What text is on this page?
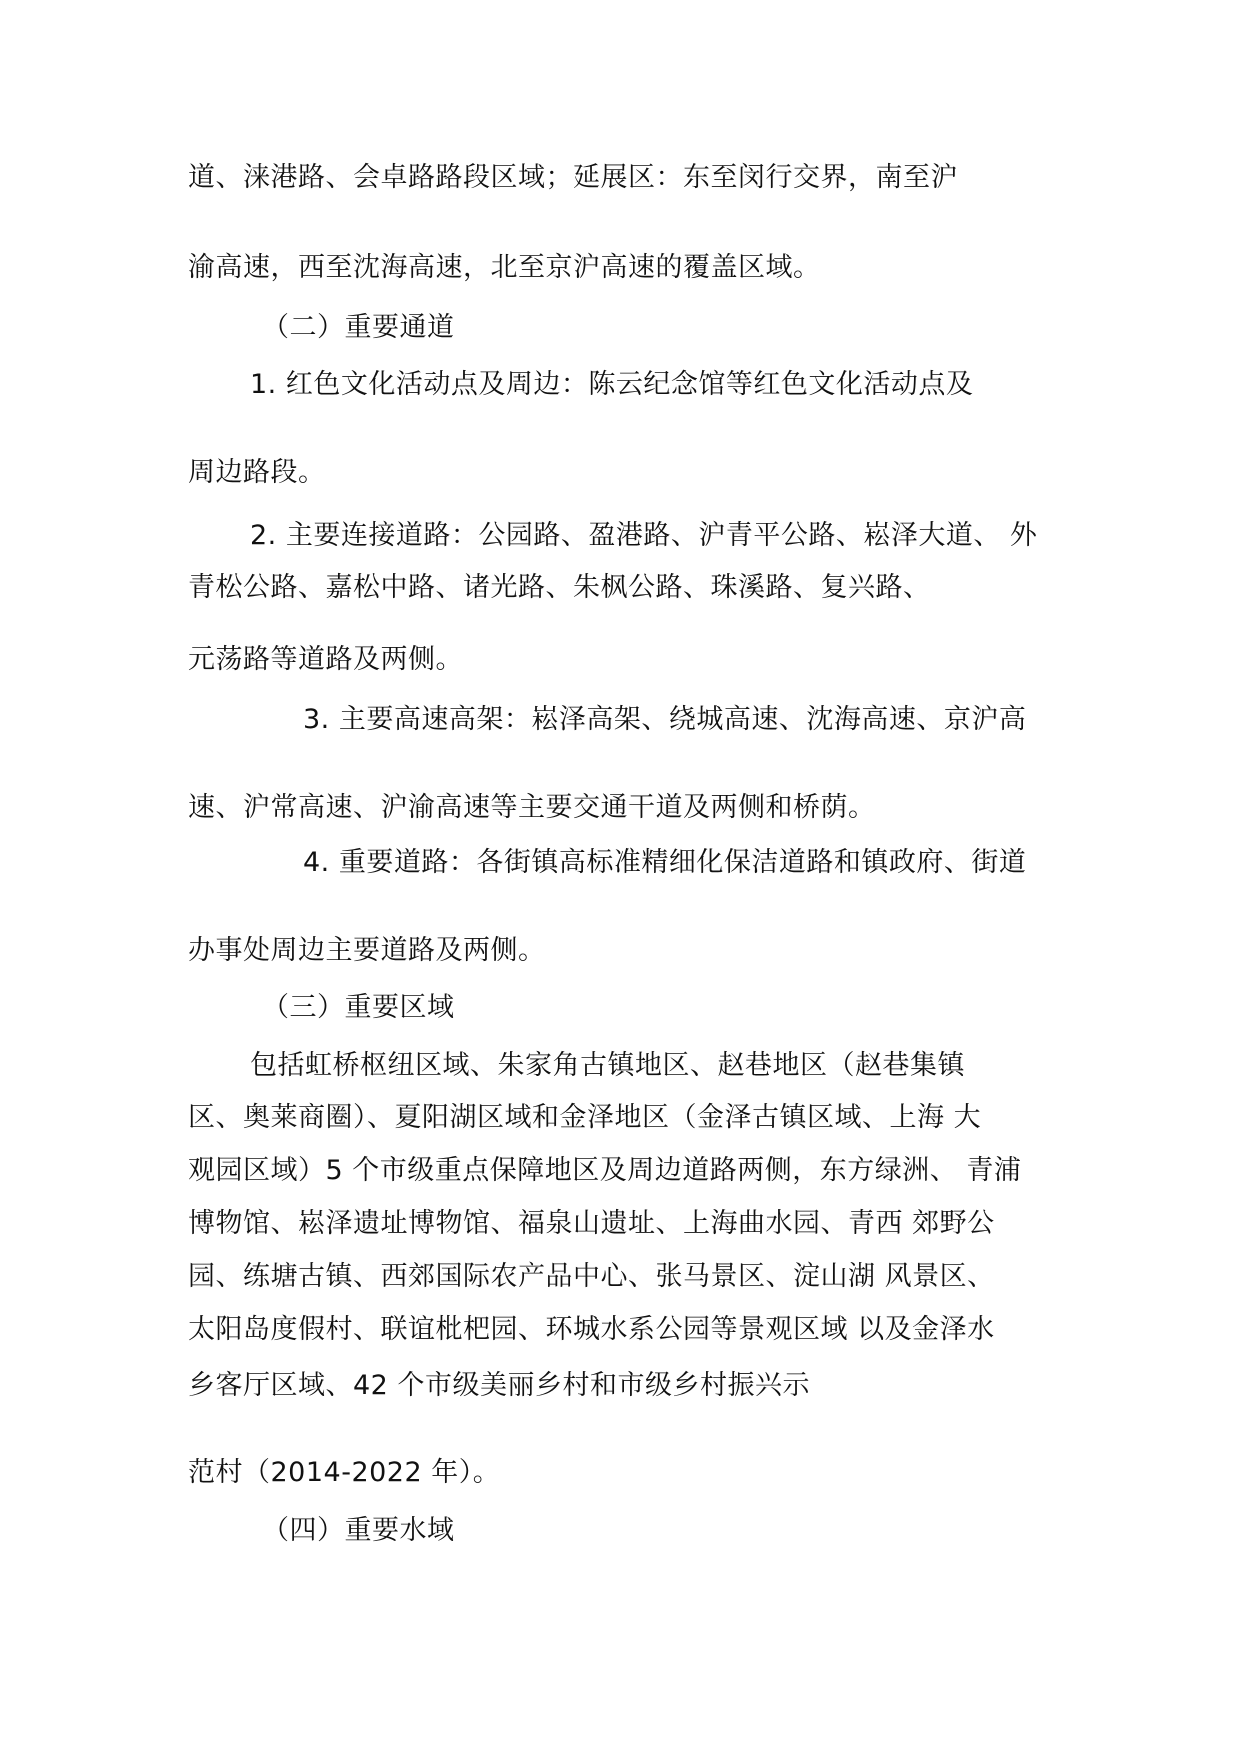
道、涞港路、会卓路路段区域；延展区：东至闵行交界，南至沪
渝高速，西至沈海高速，北至京沪高速的覆盖区域。
（二）重要通道
1. 红色文化活动点及周边：陈云纪念馆等红色文化活动点及
周边路段。
2. 主要连接道路：公园路、盈港路、沪青平公路、崧泽大道、 外
青松公路、嘉松中路、诸光路、朱枫公路、珠溪路、复兴路、
元荡路等道路及两侧。
3. 主要高速高架：崧泽高架、绕城高速、沈海高速、京沪高
速、沪常高速、沪渝高速等主要交通干道及两侧和桥荫。
4. 重要道路：各街镇高标准精细化保洁道路和镇政府、街道
办事处周边主要道路及两侧。
（三）重要区域
包括虹桥枢纽区域、朱家角古镇地区、赵巷地区（赵巷集镇
区、奥莱商圈）、夏阳湖区域和金泽地区（金泽古镇区域、上海 大
观园区域）5 个市级重点保障地区及周边道路两侧，东方绿洲、 青浦
博物馆、崧泽遗址博物馆、福泉山遗址、上海曲水园、青西 郊野公
园、练塘古镇、西郊国际农产品中心、张马景区、淀山湖 风景区、
太阳岛度假村、联谊枇杷园、环城水系公园等景观区域 以及金泽水
乡客厅区域、42 个市级美丽乡村和市级乡村振兴示
范村（2014-2022 年）。
（四）重要水域
